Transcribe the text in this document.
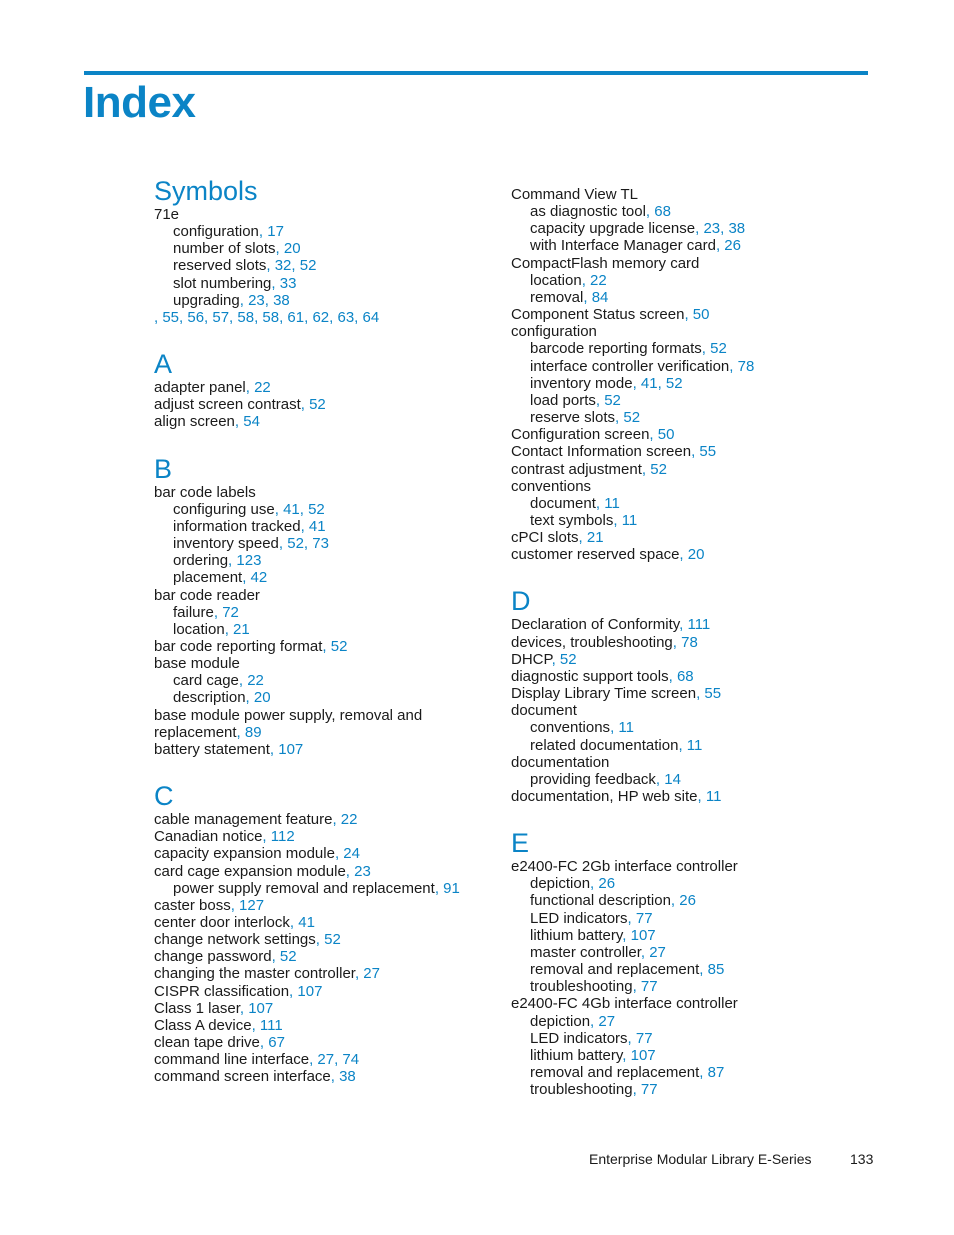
Index
Symbols
71e
configuration, 17
number of slots, 20
reserved slots, 32, 52
slot numbering, 33
upgrading, 23, 38
, 55, 56, 57, 58, 58, 61, 62, 63, 64
A
adapter panel, 22
adjust screen contrast, 52
align screen, 54
B
bar code labels
configuring use, 41, 52
information tracked, 41
inventory speed, 52, 73
ordering, 123
placement, 42
bar code reader
failure, 72
location, 21
bar code reporting format, 52
base module
card cage, 22
description, 20
base module power supply, removal and replacement, 89
battery statement, 107
C
cable management feature, 22
Canadian notice, 112
capacity expansion module, 24
card cage expansion module, 23
power supply removal and replacement, 91
caster boss, 127
center door interlock, 41
change network settings, 52
change password, 52
changing the master controller, 27
CISPR classification, 107
Class 1 laser, 107
Class A device, 111
clean tape drive, 67
command line interface, 27, 74
command screen interface, 38
Command View TL
as diagnostic tool, 68
capacity upgrade license, 23, 38
with Interface Manager card, 26
CompactFlash memory card
location, 22
removal, 84
Component Status screen, 50
configuration
barcode reporting formats, 52
interface controller verification, 78
inventory mode, 41, 52
load ports, 52
reserve slots, 52
Configuration screen, 50
Contact Information screen, 55
contrast adjustment, 52
conventions
document, 11
text symbols, 11
cPCI slots, 21
customer reserved space, 20
D
Declaration of Conformity, 111
devices, troubleshooting, 78
DHCP, 52
diagnostic support tools, 68
Display Library Time screen, 55
document
conventions, 11
related documentation, 11
documentation
providing feedback, 14
documentation, HP web site, 11
E
e2400-FC 2Gb interface controller
depiction, 26
functional description, 26
LED indicators, 77
lithium battery, 107
master controller, 27
removal and replacement, 85
troubleshooting, 77
e2400-FC 4Gb interface controller
depiction, 27
LED indicators, 77
lithium battery, 107
removal and replacement, 87
troubleshooting, 77
Enterprise Modular Library E-Series	133
